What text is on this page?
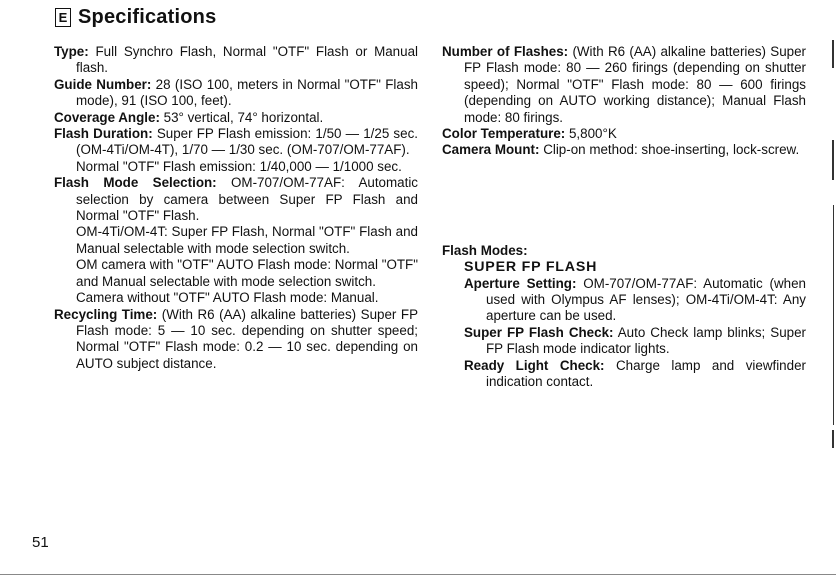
E Specifications
Type: Full Synchro Flash, Normal "OTF" Flash or Manual flash.
Guide Number: 28 (ISO 100, meters in Normal "OTF" Flash mode), 91 (ISO 100, feet).
Coverage Angle: 53° vertical, 74° horizontal.
Flash Duration: Super FP Flash emission: 1/50 — 1/25 sec. (OM-4Ti/OM-4T), 1/70 — 1/30 sec. (OM-707/OM-77AF).
Normal "OTF" Flash emission: 1/40,000 — 1/1000 sec.
Flash Mode Selection: OM-707/OM-77AF: Automatic selection by camera between Super FP Flash and Normal "OTF" Flash.
OM-4Ti/OM-4T: Super FP Flash, Normal "OTF" Flash and Manual selectable with mode selection switch.
OM camera with "OTF" AUTO Flash mode: Normal "OTF" and Manual selectable with mode selection switch.
Camera without "OTF" AUTO Flash mode: Manual.
Recycling Time: (With R6 (AA) alkaline batteries) Super FP Flash mode: 5 — 10 sec. depending on shutter speed; Normal "OTF" Flash mode: 0.2 — 10 sec. depending on AUTO subject distance.
Number of Flashes: (With R6 (AA) alkaline batteries) Super FP Flash mode: 80 — 260 firings (depending on shutter speed); Normal "OTF" Flash mode: 80 — 600 firings (depending on AUTO working distance); Manual Flash mode: 80 firings.
Color Temperature: 5,800°K
Camera Mount: Clip-on method: shoe-inserting, lock-screw.
Flash Modes:
SUPER FP FLASH
Aperture Setting: OM-707/OM-77AF: Automatic (when used with Olympus AF lenses); OM-4Ti/OM-4T: Any aperture can be used.
Super FP Flash Check: Auto Check lamp blinks; Super FP Flash mode indicator lights.
Ready Light Check: Charge lamp and viewfinder indication contact.
51
